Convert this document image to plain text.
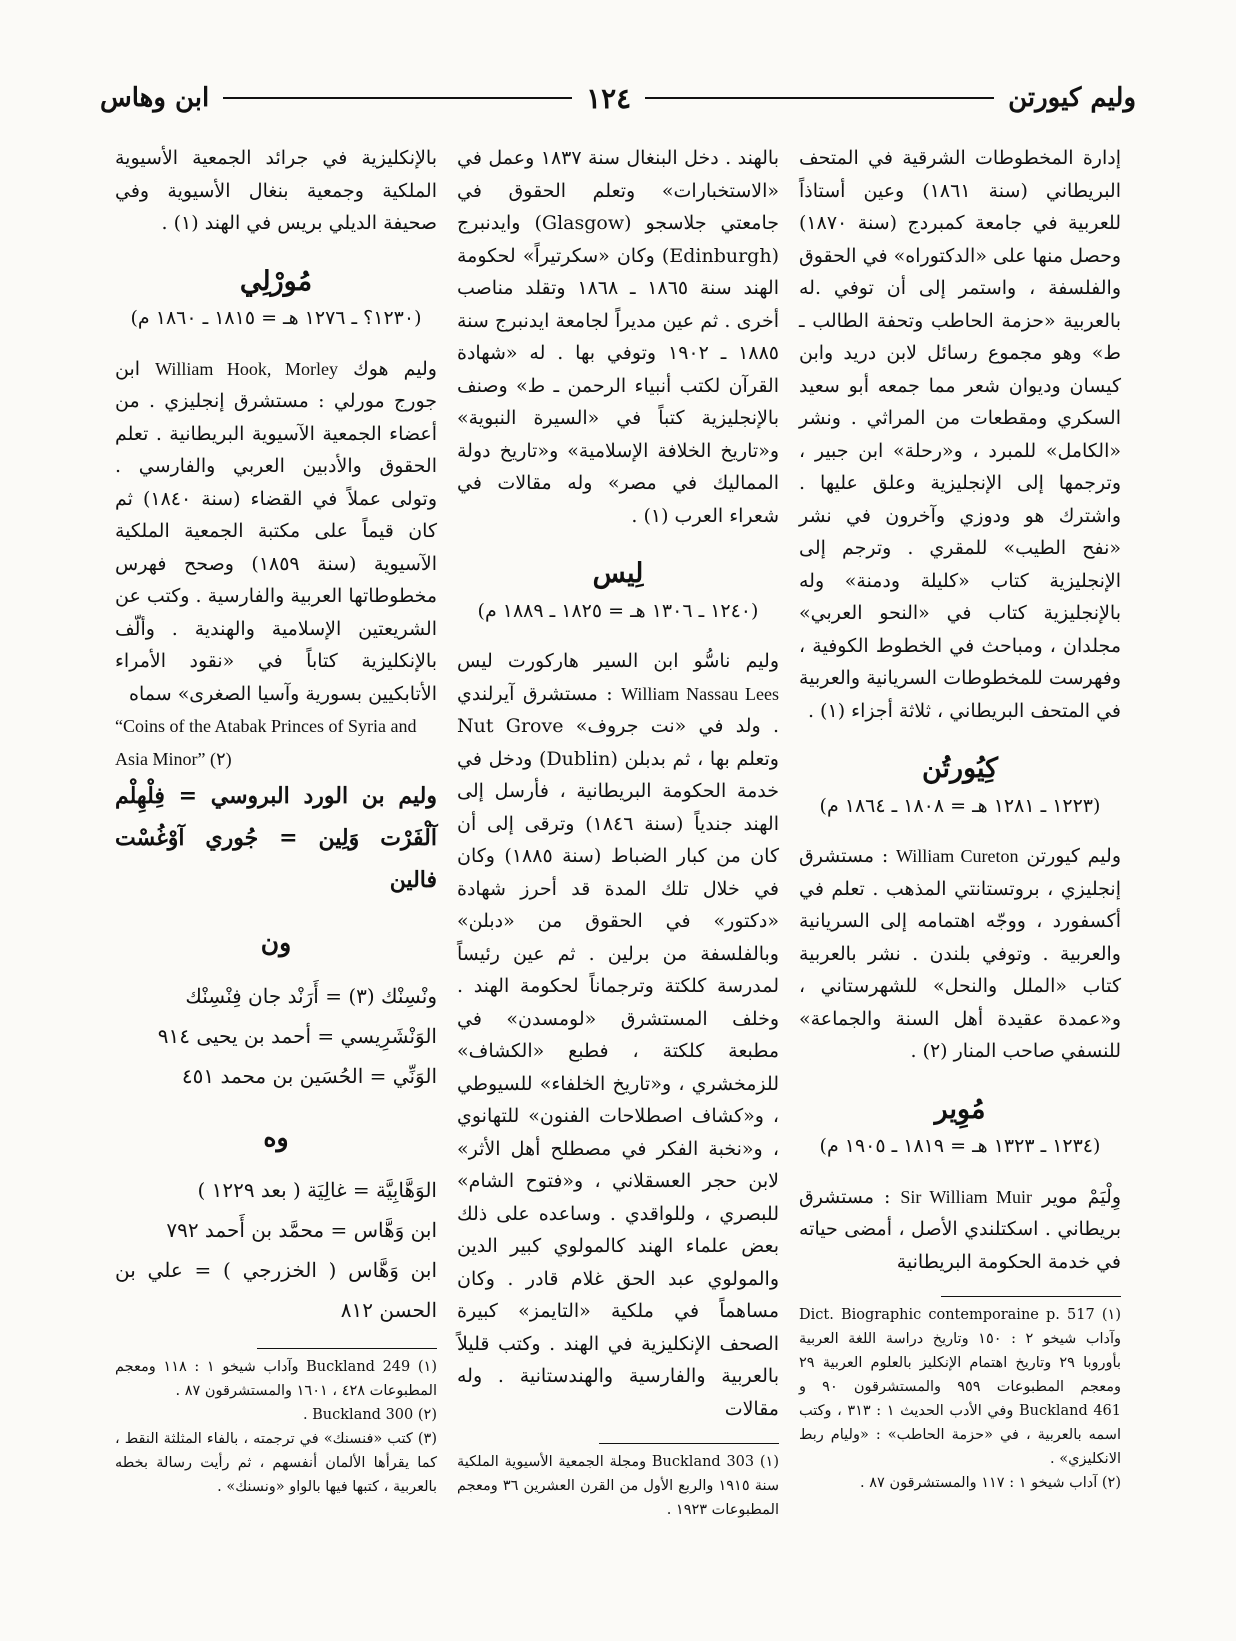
وليم كيورتن
١٢٤
ابن وهاس

إدارة المخطوطات الشرقية في المتحف البريطاني (سنة ١٨٦١) وعين أستاذاً للعربية في جامعة كمبردج (سنة ١٨٧٠) وحصل منها على «الدكتوراه» في الحقوق والفلسفة ، واستمر إلى أن توفي .له بالعربية «حزمة الحاطب وتحفة الطالب ـ ط» وهو مجموع رسائل لابن دريد وابن كيسان وديوان شعر مما جمعه أبو سعيد السكري ومقطعات من المراثي . ونشر «الكامل» للمبرد ، و«رحلة» ابن جبير ، وترجمها إلى الإنجليزية وعلق عليها . واشترك هو ودوزي وآخرون في نشر «نفح الطيب» للمقري . وترجم إلى الإنجليزية كتاب «كليلة ودمنة» وله بالإنجليزية كتاب في «النحو العربي» مجلدان ، ومباحث في الخطوط الكوفية ، وفهرست للمخطوطات السريانية والعربية في المتحف البريطاني ، ثلاثة أجزاء (١) .

كِيُورتُن
(١٢٢٣ ـ ١٢٨١ هـ = ١٨٠٨ ـ ١٨٦٤ م)

وليم كيورتن William Cureton : مستشرق إنجليزي ، بروتستانتي المذهب . تعلم في أكسفورد ، ووجّه اهتمامه إلى السريانية والعربية . وتوفي بلندن . نشر بالعربية كتاب «الملل والنحل» للشهرستاني ، و«عمدة عقيدة أهل السنة والجماعة» للنسفي صاحب المنار (٢) .

مُوِير
(١٢٣٤ ـ ١٣٢٣ هـ = ١٨١٩ ـ ١٩٠٥ م)

وِلْيَمْ موير Sir William Muir : مستشرق بريطاني . اسكتلندي الأصل ، أمضى حياته في خدمة الحكومة البريطانية

(١) Dict. Biographic contemporaine p. 517 وآداب شيخو ٢ : ١٥٠ وتاريخ دراسة اللغة العربية بأوروبا ٢٩ وتاريخ اهتمام الإنكليز بالعلوم العربية ٢٩ ومعجم المطبوعات ٩٥٩ والمستشرقون ٩٠ و Buckland 461 وفي الأدب الحديث ١ : ٣١٣ ، وكتب اسمه بالعربية ، في «حزمة الحاطب» : «وليام ربط الانكليزي» .

(٢) آداب شيخو ١ : ١١٧ والمستشرقون ٨٧ .

بالهند . دخل البنغال سنة ١٨٣٧ وعمل في «الاستخبارات» وتعلم الحقوق في جامعتي جلاسجو (Glasgow) وايدنبرج (Edinburgh) وكان «سكرتيراً» لحكومة الهند سنة ١٨٦٥ ـ ١٨٦٨ وتقلد مناصب أخرى . ثم عين مديراً لجامعة ايدنبرج سنة ١٨٨٥ ـ ١٩٠٢ وتوفي بها . له «شهادة القرآن لكتب أنبياء الرحمن ـ ط» وصنف بالإنجليزية كتباً في «السيرة النبوية» و«تاريخ الخلافة الإسلامية» و«تاريخ دولة المماليك في مصر» وله مقالات في شعراء العرب (١) .

لِيس
(١٢٤٠ ـ ١٣٠٦ هـ = ١٨٢٥ ـ ١٨٨٩ م)

وليم ناسُّو ابن السير هاركورت ليس William Nassau Lees : مستشرق آيرلندي . ولد في «نت جروف» Nut Grove وتعلم بها ، ثم بدبلن (Dublin) ودخل في خدمة الحكومة البريطانية ، فأرسل إلى الهند جندياً (سنة ١٨٤٦) وترقى إلى أن كان من كبار الضباط (سنة ١٨٨٥) وكان في خلال تلك المدة قد أحرز شهادة «دكتور» في الحقوق من «دبلن» وبالفلسفة من برلين . ثم عين رئيساً لمدرسة كلكتة وترجماناً لحكومة الهند . وخلف المستشرق «لومسدن» في مطبعة كلكتة ، فطبع «الكشاف» للزمخشري ، و«تاريخ الخلفاء» للسيوطي ، و«كشاف اصطلاحات الفنون» للتهانوي ، و«نخبة الفكر في مصطلح أهل الأثر» لابن حجر العسقلاني ، و«فتوح الشام» للبصري ، وللواقدي . وساعده على ذلك بعض علماء الهند كالمولوي كبير الدين والمولوي عبد الحق غلام قادر . وكان مساهماً في ملكية «التايمز» كبيرة الصحف الإنكليزية في الهند . وكتب قليلاً بالعربية والفارسية والهندستانية . وله مقالات

(١) Buckland 303 ومجلة الجمعية الأسيوية الملكية سنة ١٩١٥ والربع الأول من القرن العشرين ٣٦ ومعجم المطبوعات ١٩٢٣ .

بالإنكليزية في جرائد الجمعية الأسيوية الملكية وجمعية بنغال الأسيوية وفي صحيفة الديلي بريس في الهند (١) .

مُورْلِي
(١٢٣٠؟ ـ ١٢٧٦ هـ = ١٨١٥ ـ ١٨٦٠ م)

وليم هوك William Hook, Morley ابن جورج مورلي : مستشرق إنجليزي . من أعضاء الجمعية الآسيوية البريطانية . تعلم الحقوق والأدبين العربي والفارسي . وتولى عملاً في القضاء (سنة ١٨٤٠) ثم كان قيماً على مكتبة الجمعية الملكية الآسيوية (سنة ١٨٥٩) وصحح فهرس مخطوطاتها العربية والفارسية . وكتب عن الشريعتين الإسلامية والهندية . وألّف بالإنكليزية كتاباً في «نقود الأمراء الأتابكيين بسورية وآسيا الصغرى» سماه

“Coins of the Atabak Princes of Syria and Asia Minor” (٢)

وليم بن الورد البروسي = فِلْهِلْم آلْفَرْت وَلِين = جُوري آوْغُسْت فالين

ون

ونْسِنْك (٣) = أَرَنْد جان فِنْسِنْك

الوَنْشَرِيسي = أحمد بن يحيى ٩١٤

الوَنِّي = الحُسَين بن محمد ٤٥١

وه

الوَهَّابِيَّة = غالِيَة ( بعد ١٢٢٩ )

ابن وَهَّاس = محمَّد بن أَحمد ٧٩٢

ابن وَهَّاس ( الخزرجي ) = علي بن الحسن ٨١٢

(١) Buckland 249 وآداب شيخو ١ : ١١٨ ومعجم المطبوعات ٤٢٨ ، ١٦٠١ والمستشرقون ٨٧ .

(٢) Buckland 300 .

(٣) كتب «فنسنك» في ترجمته ، بالفاء المثلثة النقط ، كما يقرأها الألمان أنفسهم ، ثم رأيت رسالة بخطه بالعربية ، كتبها فيها بالواو «ونسنك» .
